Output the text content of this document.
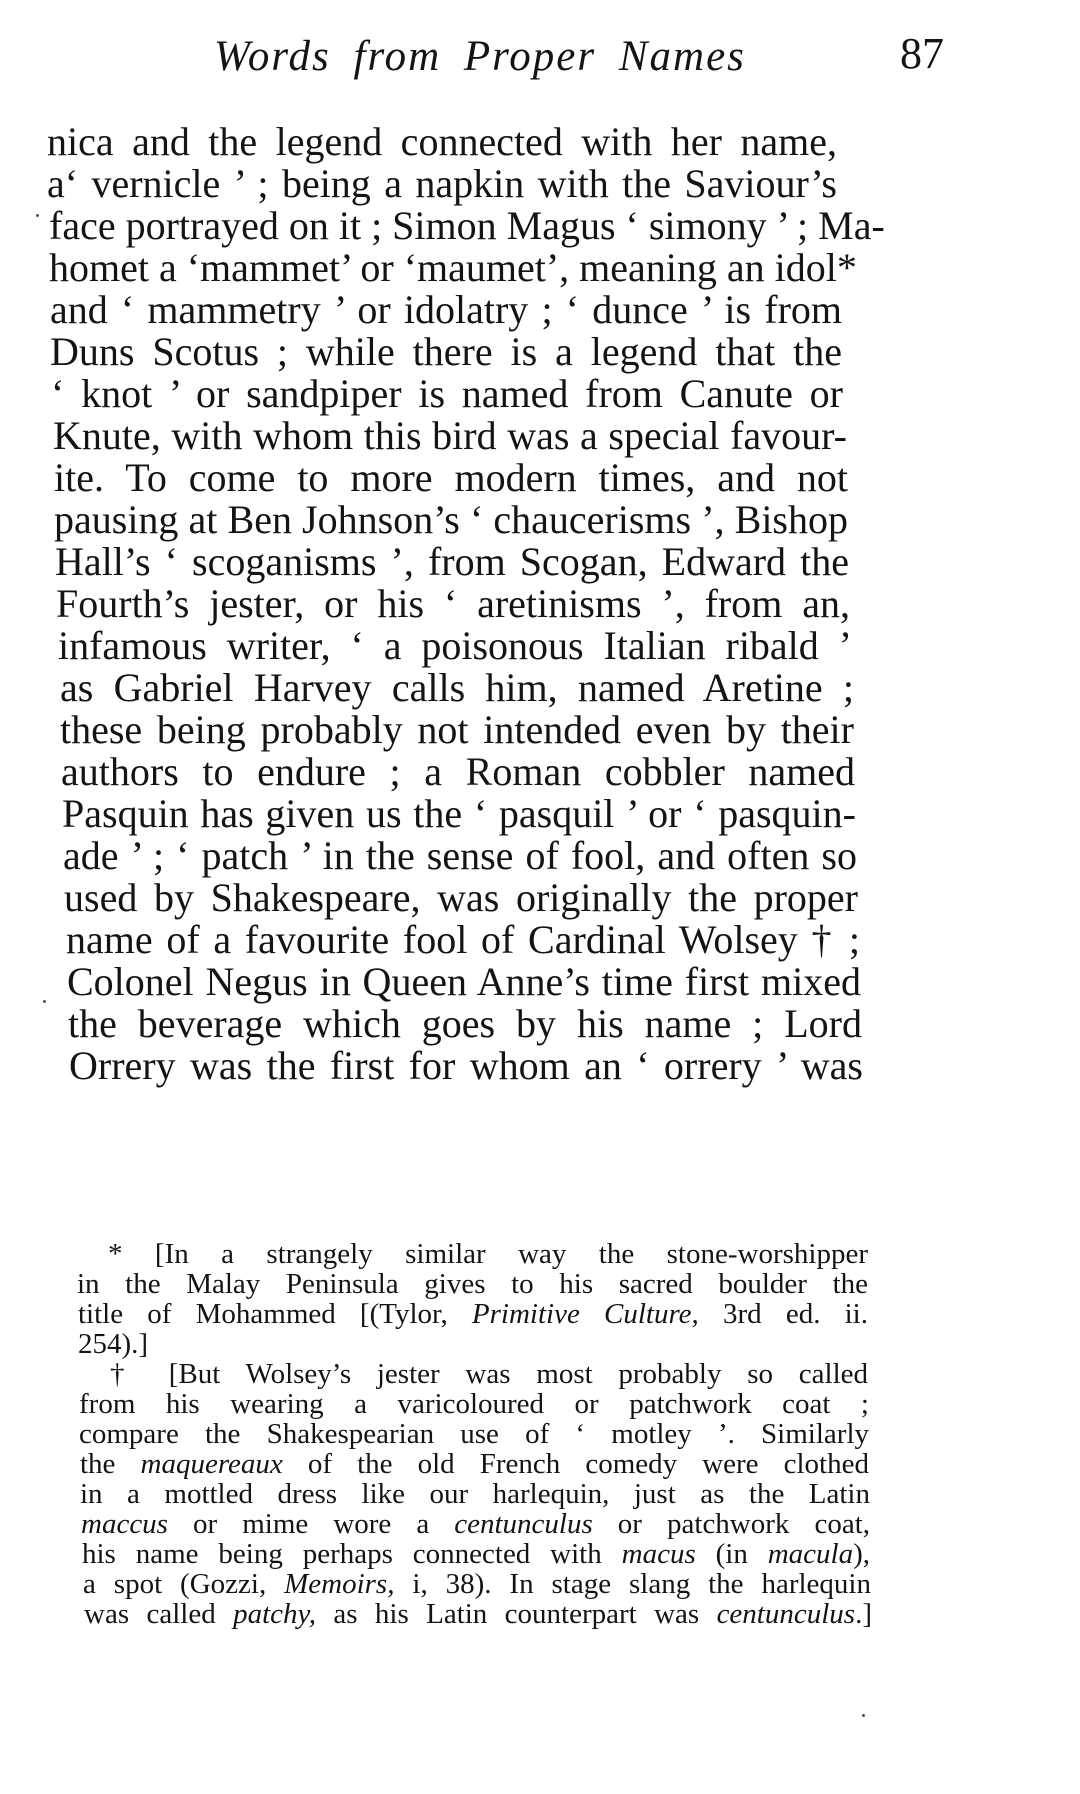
Words from Proper Names	87
nica and the legend connected with her name,
a‘ vernicle ’ ; being a napkin with the Saviour’s
face portrayed on it ; Simon Magus ‘ simony ’ ; Ma-
homet a ‘mammet’ or ‘maumet’, meaning an idol*
and ‘ mammetry ’ or idolatry ; ‘ dunce ’ is from
Duns Scotus ; while there is a legend that the
‘ knot ’ or sandpiper is named from Canute or
Knute, with whom this bird was a special favour-
ite. To come to more modern times, and not
pausing at Ben Johnson’s ‘ chaucerisms ’, Bishop
Hall’s ‘ scoganisms ’, from Scogan, Edward the
Fourth’s jester, or his ‘ aretinisms ’, from an,
infamous writer, ‘ a poisonous Italian ribald ’
as Gabriel Harvey calls him, named Aretine ;
these being probably not intended even by their
authors to endure ; a Roman cobbler named
Pasquin has given us the ‘ pasquil ’ or ‘ pasquin-
ade ’ ; ‘ patch ’ in the sense of fool, and often so
used by Shakespeare, was originally the proper
name of a favourite fool of Cardinal Wolsey † ;
Colonel Negus in Queen Anne’s time first mixed
the beverage which goes by his name ; Lord
Orrery was the first for whom an ‘ orrery ’ was
* [In a strangely similar way the stone-worshipper
in the Malay Peninsula gives to his sacred boulder the
title of Mohammed [(Tylor, Primitive Culture, 3rd ed. ii.
254).]
† [But Wolsey’s jester was most probably so called
from his wearing a varicoloured or patchwork coat ;
compare the Shakespearian use of ‘ motley ’. Similarly
the maquereaux of the old French comedy were clothed
in a mottled dress like our harlequin, just as the Latin
maccus or mime wore a centunculus or patchwork coat,
his name being perhaps connected with macus (in macula),
a spot (Gozzi, Memoirs, i, 38). In stage slang the harlequin
was called patchy, as his Latin counterpart was centunculus.]
